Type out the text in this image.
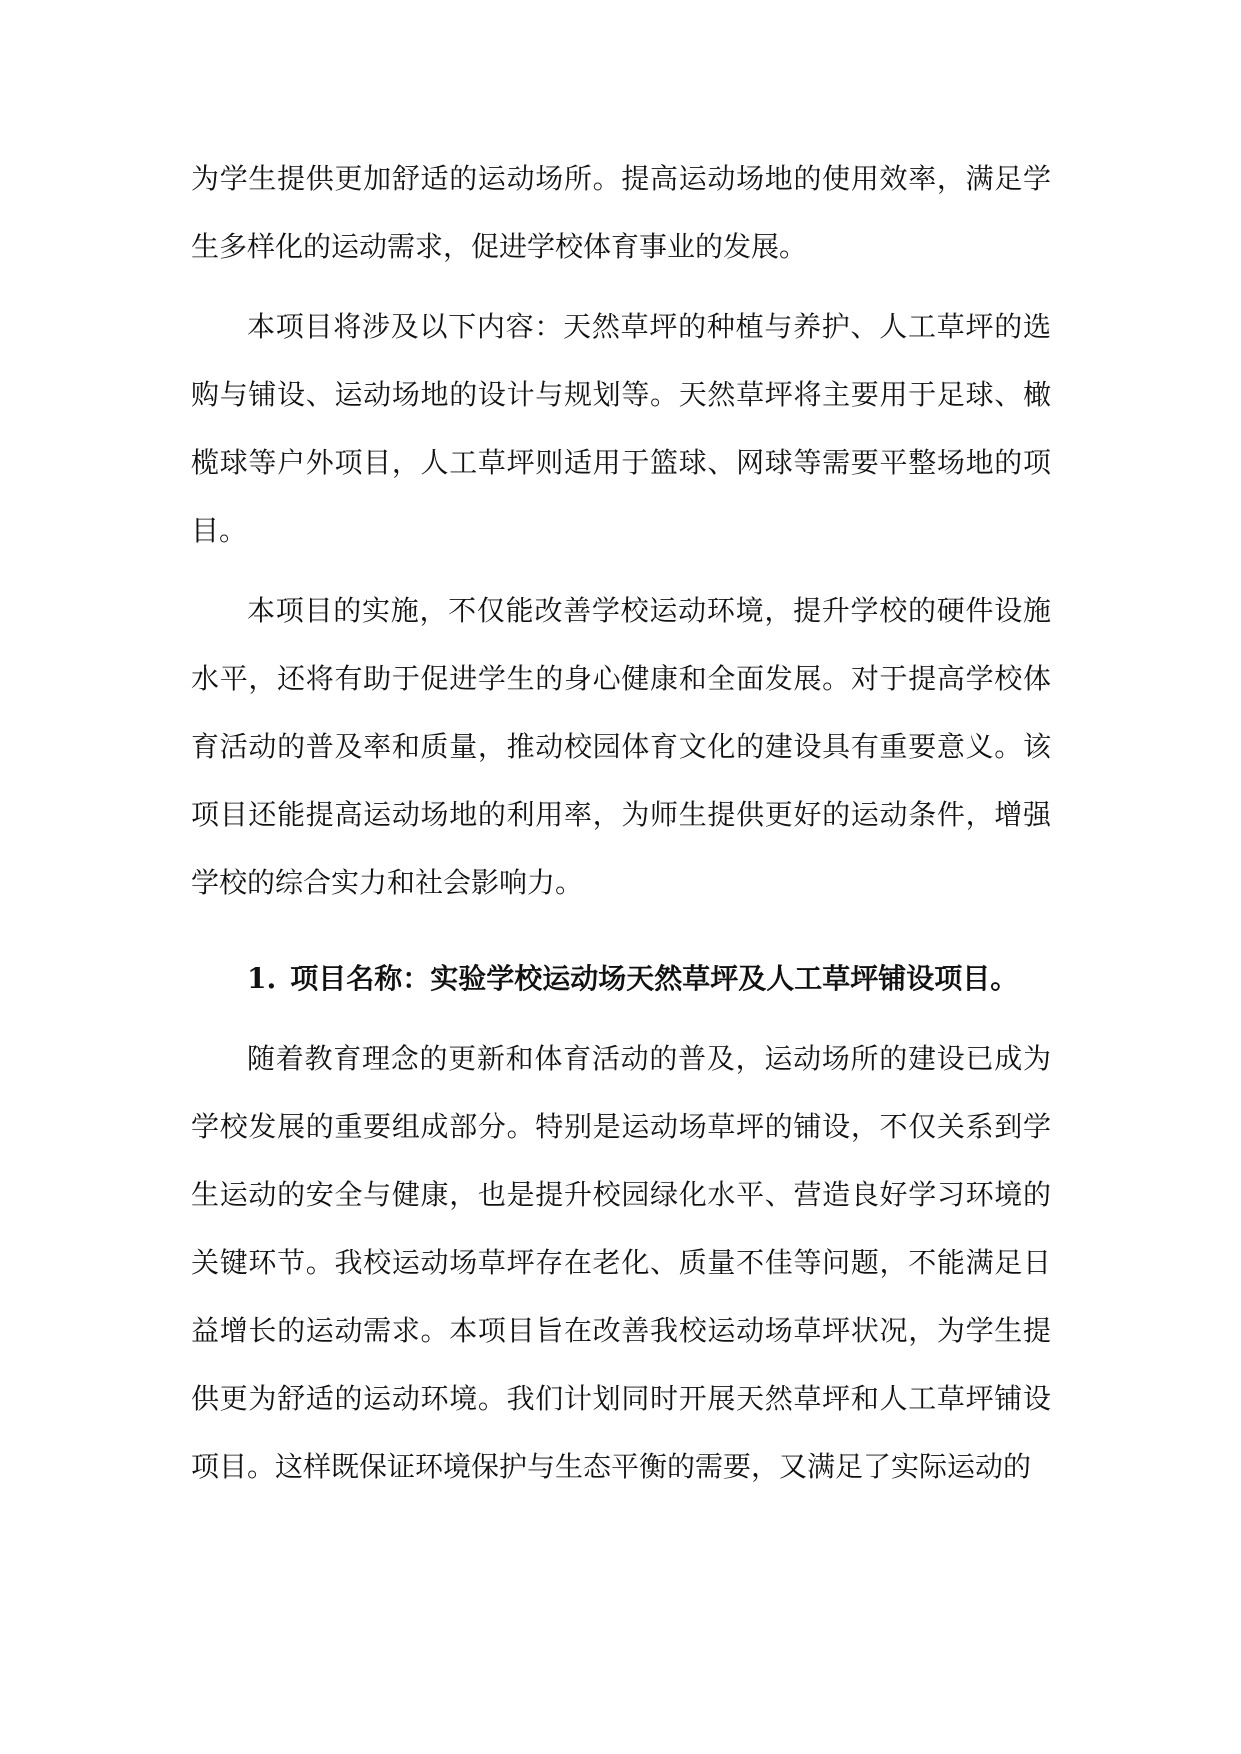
为学生提供更加舒适的运动场所。提高运动场地的使用效率，满足学生多样化的运动需求，促进学校体育事业的发展。

本项目将涉及以下内容：天然草坪的种植与养护、人工草坪的选购与铺设、运动场地的设计与规划等。天然草坪将主要用于足球、橄榄球等户外项目，人工草坪则适用于篮球、网球等需要平整场地的项目。

本项目的实施，不仅能改善学校运动环境，提升学校的硬件设施水平，还将有助于促进学生的身心健康和全面发展。对于提高学校体育活动的普及率和质量，推动校园体育文化的建设具有重要意义。该项目还能提高运动场地的利用率，为师生提供更好的运动条件，增强学校的综合实力和社会影响力。

1. 项目名称：实验学校运动场天然草坪及人工草坪铺设项目。

随着教育理念的更新和体育活动的普及，运动场所的建设已成为学校发展的重要组成部分。特别是运动场草坪的铺设，不仅关系到学生运动的安全与健康，也是提升校园绿化水平、营造良好学习环境的关键环节。我校运动场草坪存在老化、质量不佳等问题，不能满足日益增长的运动需求。本项目旨在改善我校运动场草坪状况，为学生提供更为舒适的运动环境。我们计划同时开展天然草坪和人工草坪铺设项目。这样既保证环境保护与生态平衡的需要，又满足了实际运动的
